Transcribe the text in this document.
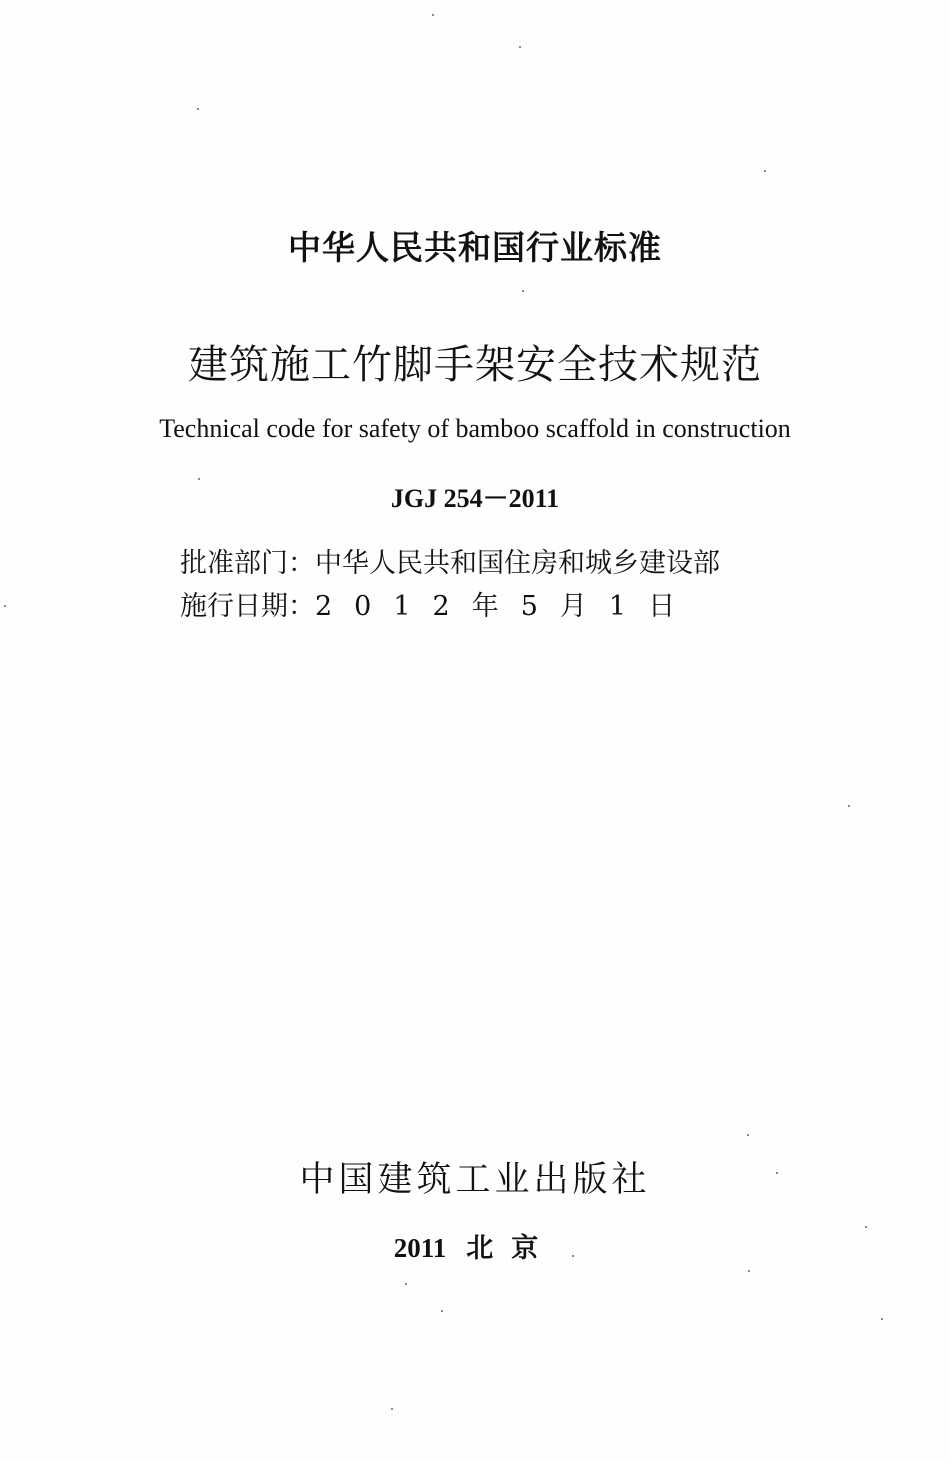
中华人民共和国行业标准
建筑施工竹脚手架安全技术规范
Technical code for safety of bamboo scaffold in construction
JGJ 254－2011
批准部门：中华人民共和国住房和城乡建设部
施行日期：2012年5月1日
中国建筑工业出版社
2011 北京
